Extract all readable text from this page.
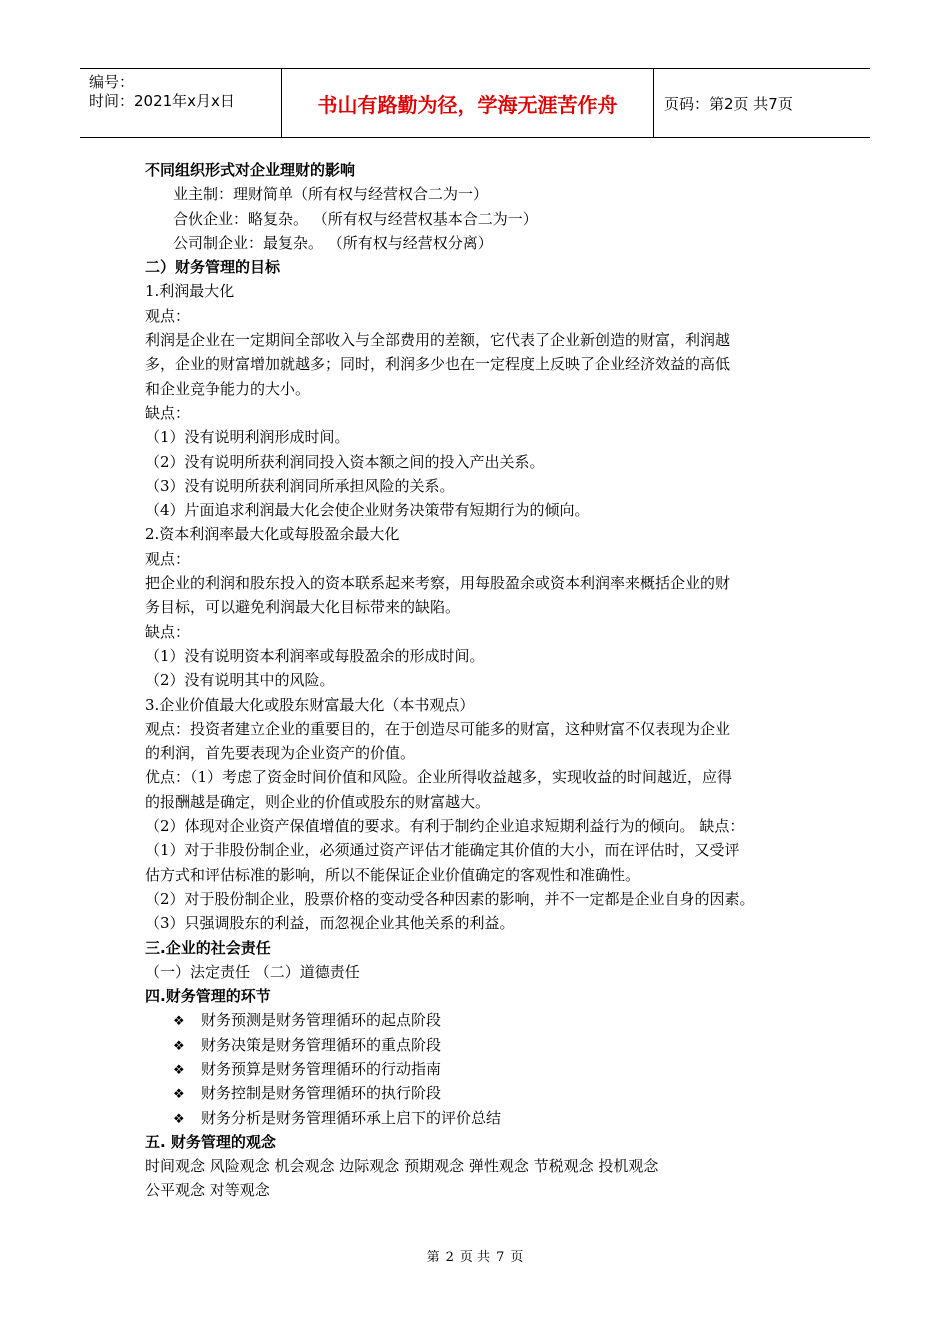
编号：
时间：2021年x月x日	书山有路勤为径，学海无涯苦作舟	页码：第2页 共7页
不同组织形式对企业理财的影响
业主制：理财简单（所有权与经营权合二为一）
合伙企业：略复杂。 （所有权与经营权基本合二为一）
公司制企业：最复杂。 （所有权与经营权分离）
二）财务管理的目标
1.利润最大化
观点：
利润是企业在一定期间全部收入与全部费用的差额，它代表了企业新创造的财富，利润越
多，企业的财富增加就越多；同时，利润多少也在一定程度上反映了企业经济效益的高低
和企业竞争能力的大小。
缺点：
（1）没有说明利润形成时间。
（2）没有说明所获利润同投入资本额之间的投入产出关系。
（3）没有说明所获利润同所承担风险的关系。
（4）片面追求利润最大化会使企业财务决策带有短期行为的倾向。
2.资本利润率最大化或每股盈余最大化
观点：
把企业的利润和股东投入的资本联系起来考察，用每股盈余或资本利润率来概括企业的财
务目标，可以避免利润最大化目标带来的缺陷。
缺点：
（1）没有说明资本利润率或每股盈余的形成时间。
（2）没有说明其中的风险。
3.企业价值最大化或股东财富最大化（本书观点）
观点：投资者建立企业的重要目的，在于创造尽可能多的财富，这种财富不仅表现为企业
的利润，首先要表现为企业资产的价值。
优点：（1）考虑了资金时间价值和风险。企业所得收益越多，实现收益的时间越近，应得
的报酬越是确定，则企业的价值或股东的财富越大。
（2）体现对企业资产保值增值的要求。有利于制约企业追求短期利益行为的倾向。 缺点：
（1）对于非股份制企业，必须通过资产评估才能确定其价值的大小，而在评估时，又受评
估方式和评估标准的影响，所以不能保证企业价值确定的客观性和准确性。
（2）对于股份制企业，股票价格的变动受各种因素的影响，并不一定都是企业自身的因素。
（3）只强调股东的利益，而忽视企业其他关系的利益。
三.企业的社会责任
（一）法定责任 （二）道德责任
四.财务管理的环节
❖ 财务预测是财务管理循环的起点阶段
❖ 财务决策是财务管理循环的重点阶段
❖ 财务预算是财务管理循环的行动指南
❖ 财务控制是财务管理循环的执行阶段
❖ 财务分析是财务管理循环承上启下的评价总结
五. 财务管理的观念
时间观念 风险观念 机会观念 边际观念 预期观念 弹性观念 节税观念 投机观念
公平观念 对等观念
第 2 页 共 7 页
